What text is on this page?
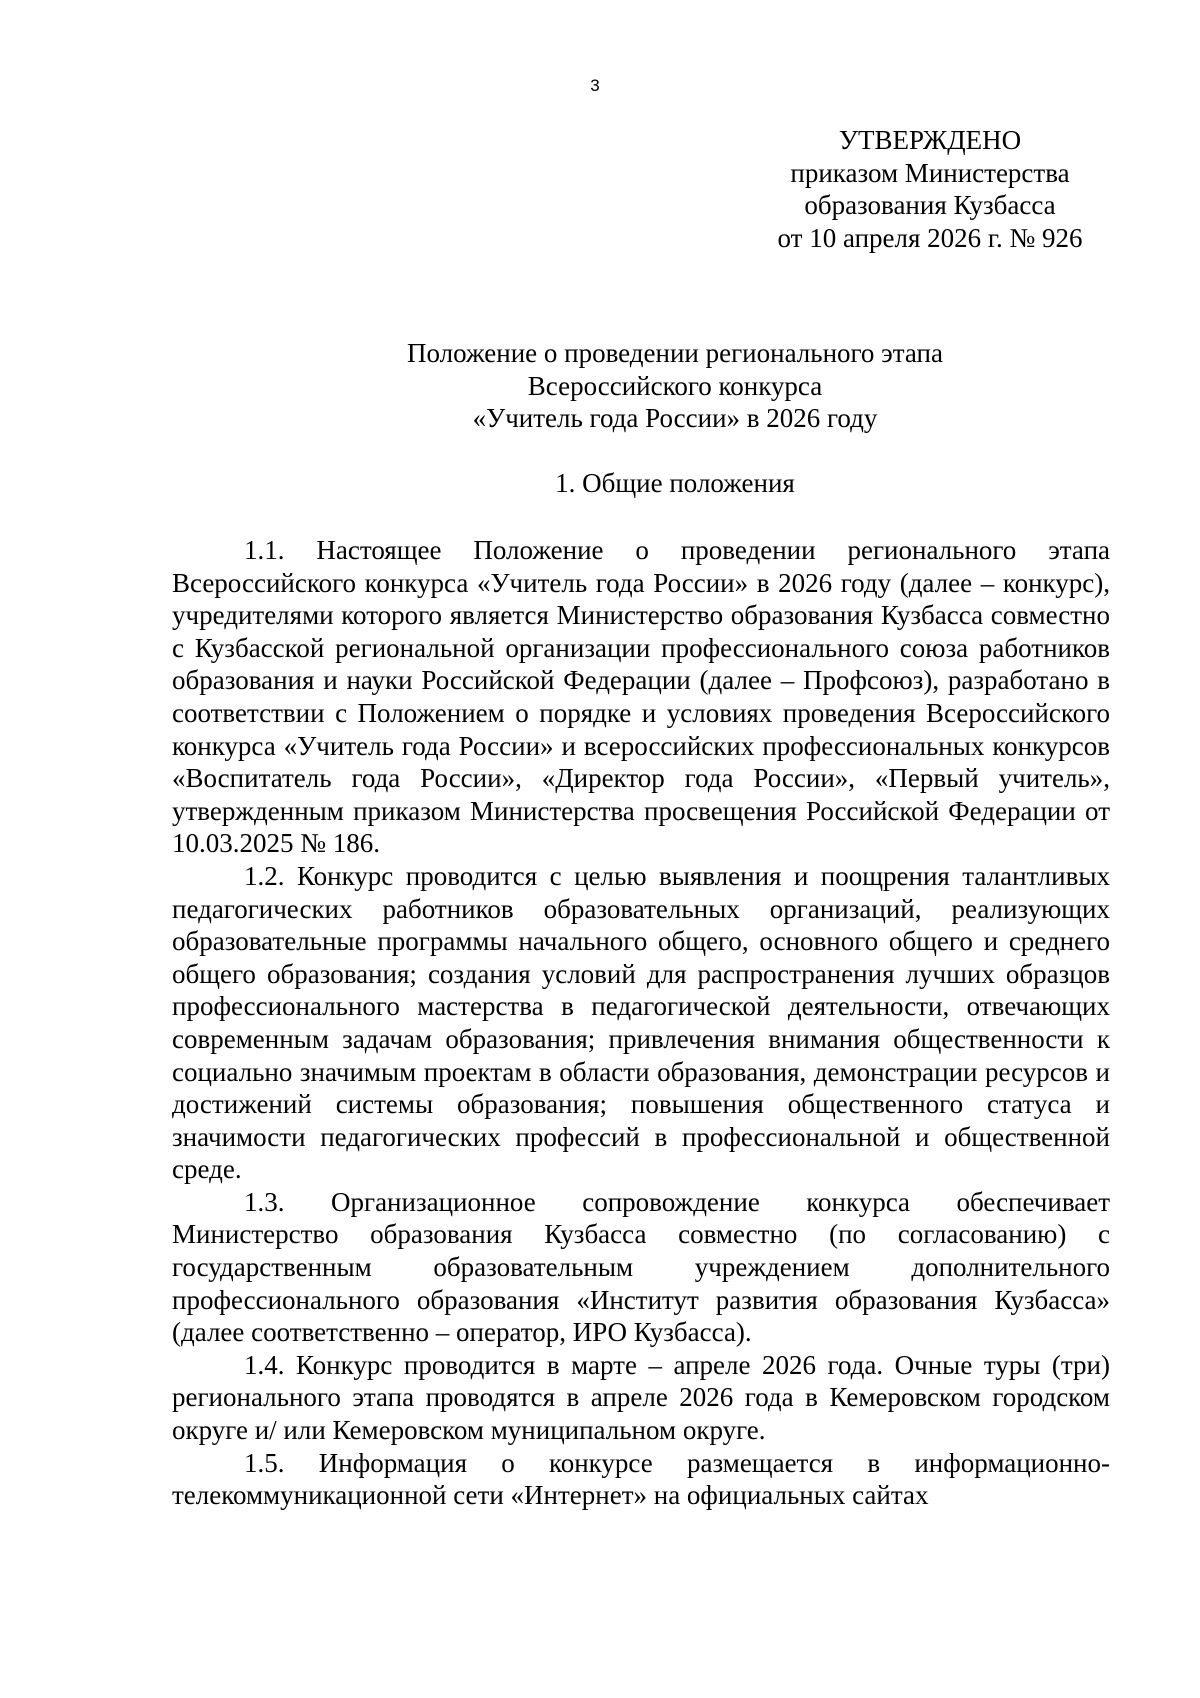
3
УТВЕРЖДЕНО
приказом Министерства
образования Кузбасса
от 10 апреля 2026 г. № 926
Положение о проведении регионального этапа
Всероссийского конкурса
«Учитель года России» в 2026 году
1. Общие положения

1.1. Настоящее Положение о проведении регионального этапа Всероссийского конкурса «Учитель года России» в 2026 году (далее – конкурс), учредителями которого является Министерство образования Кузбасса совместно с Кузбасской региональной организации профессионального союза работников образования и науки Российской Федерации (далее – Профсоюз), разработано в соответствии с Положением о порядке и условиях проведения Всероссийского конкурса «Учитель года России» и всероссийских профессиональных конкурсов «Воспитатель года России», «Директор года России», «Первый учитель», утвержденным приказом Министерства просвещения Российской Федерации от 10.03.2025 № 186.

1.2. Конкурс проводится с целью выявления и поощрения талантливых педагогических работников образовательных организаций, реализующих образовательные программы начального общего, основного общего и среднего общего образования; создания условий для распространения лучших образцов профессионального мастерства в педагогической деятельности, отвечающих современным задачам образования; привлечения внимания общественности к социально значимым проектам в области образования, демонстрации ресурсов и достижений системы образования; повышения общественного статуса и значимости педагогических профессий в профессиональной и общественной среде.

1.3. Организационное сопровождение конкурса обеспечивает Министерство образования Кузбасса совместно (по согласованию) с государственным образовательным учреждением дополнительного профессионального образования «Институт развития образования Кузбасса» (далее соответственно – оператор, ИРО Кузбасса).

1.4. Конкурс проводится в марте – апреле 2026 года. Очные туры (три) регионального этапа проводятся в апреле 2026 года в Кемеровском городском округе и/ или Кемеровском муниципальном округе.

1.5. Информация о конкурсе размещается в информационно-телекоммуникационной сети «Интернет» на официальных сайтах
